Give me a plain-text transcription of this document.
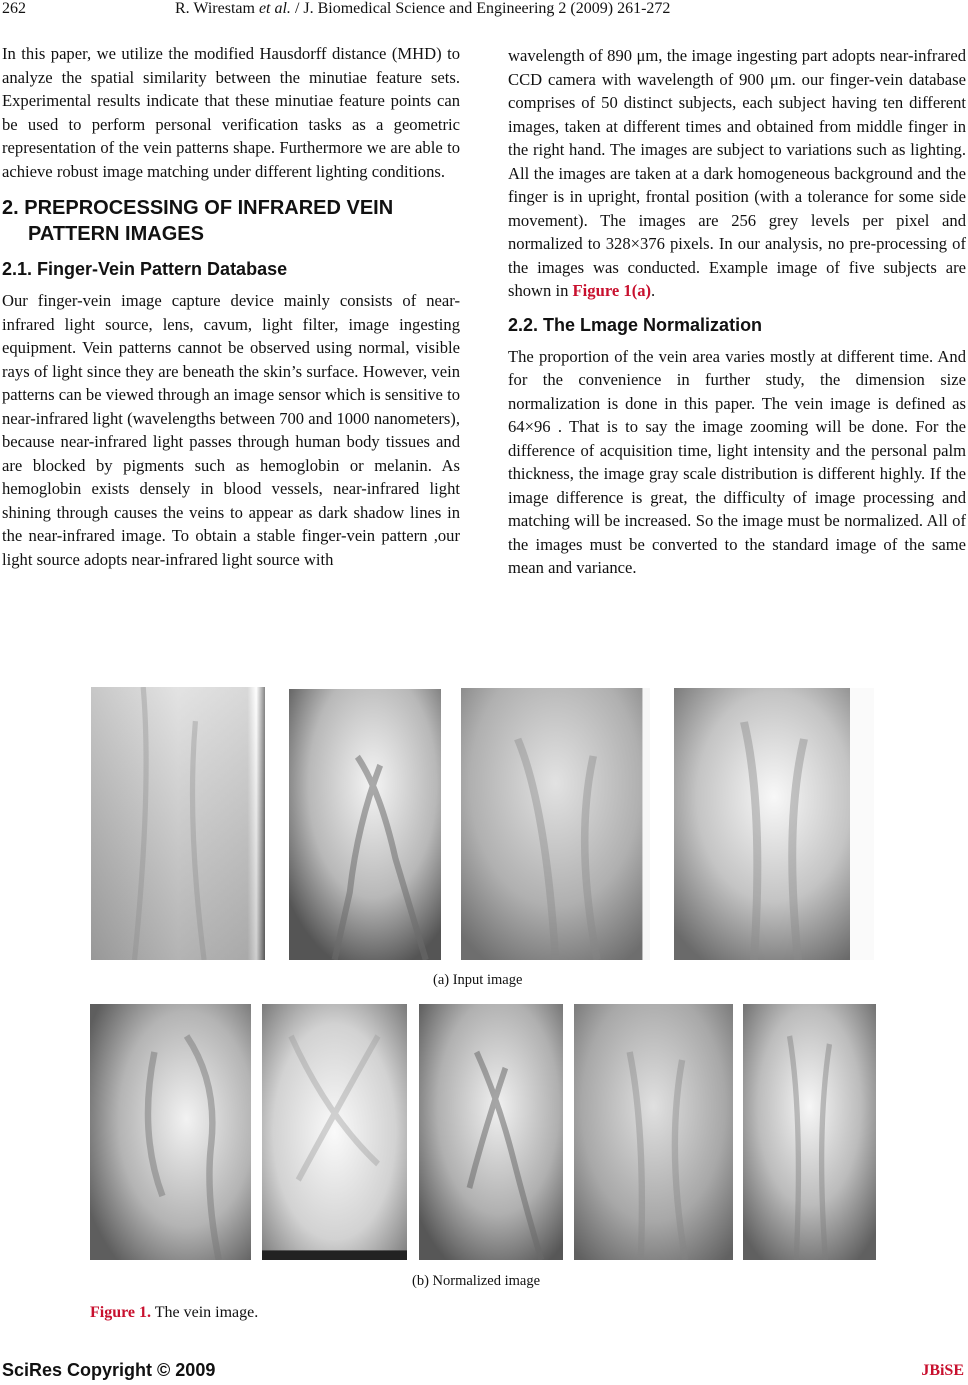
262	R. Wirestam et al. / J. Biomedical Science and Engineering 2 (2009) 261-272

In this paper, we utilize the modified Hausdorff distance (MHD) to analyze the spatial similarity between the minutiae feature sets. Experimental results indicate that these minutiae feature points can be used to perform personal verification tasks as a geometric representation of the vein patterns shape. Furthermore we are able to achieve robust image matching under different lighting conditions.

2. PREPROCESSING OF INFRARED VEIN PATTERN IMAGES
2.1. Finger-Vein Pattern Database

Our finger-vein image capture device mainly consists of near-infrared light source, lens, cavum, light filter, image ingesting equipment. Vein patterns cannot be observed using normal, visible rays of light since they are beneath the skin’s surface. However, vein patterns can be viewed through an image sensor which is sensitive to near-infrared light (wavelengths between 700 and 1000 nanometers), because near-infrared light passes through human body tissues and are blocked by pigments such as hemoglobin or melanin. As hemoglobin exists densely in blood vessels, near-infrared light shining through causes the veins to appear as dark shadow lines in the near-infrared image. To obtain a stable finger-vein pattern ,our light source adopts near-infrared light source with

wavelength of 890 μm, the image ingesting part adopts near-infrared CCD camera with wavelength of 900 μm. our finger-vein database comprises of 50 distinct subjects, each subject having ten different images, taken at different times and obtained from middle finger in the right hand. The images are subject to variations such as lighting. All the images are taken at a dark homogeneous background and the finger is in upright, frontal position (with a tolerance for some side movement). The images are 256 grey levels per pixel and normalized to 328×376 pixels. In our analysis, no pre-processing of the images was conducted. Example image of five subjects are shown in Figure 1(a).

2.2. The Lmage Normalization

The proportion of the vein area varies mostly at different time. And for the convenience in further study, the dimension size normalization is done in this paper. The vein image is defined as 64×96 . That is to say the image zooming will be done. For the difference of acquisition time, light intensity and the personal palm thickness, the image gray scale distribution is different highly. If the image difference is great, the difficulty of image processing and matching will be increased. So the image must be normalized. All of the images must be converted to the standard image of the same mean and variance.

(a) Input image
(b) Normalized image
Figure 1. The vein image.
SciRes Copyright © 2009	JBiSE
